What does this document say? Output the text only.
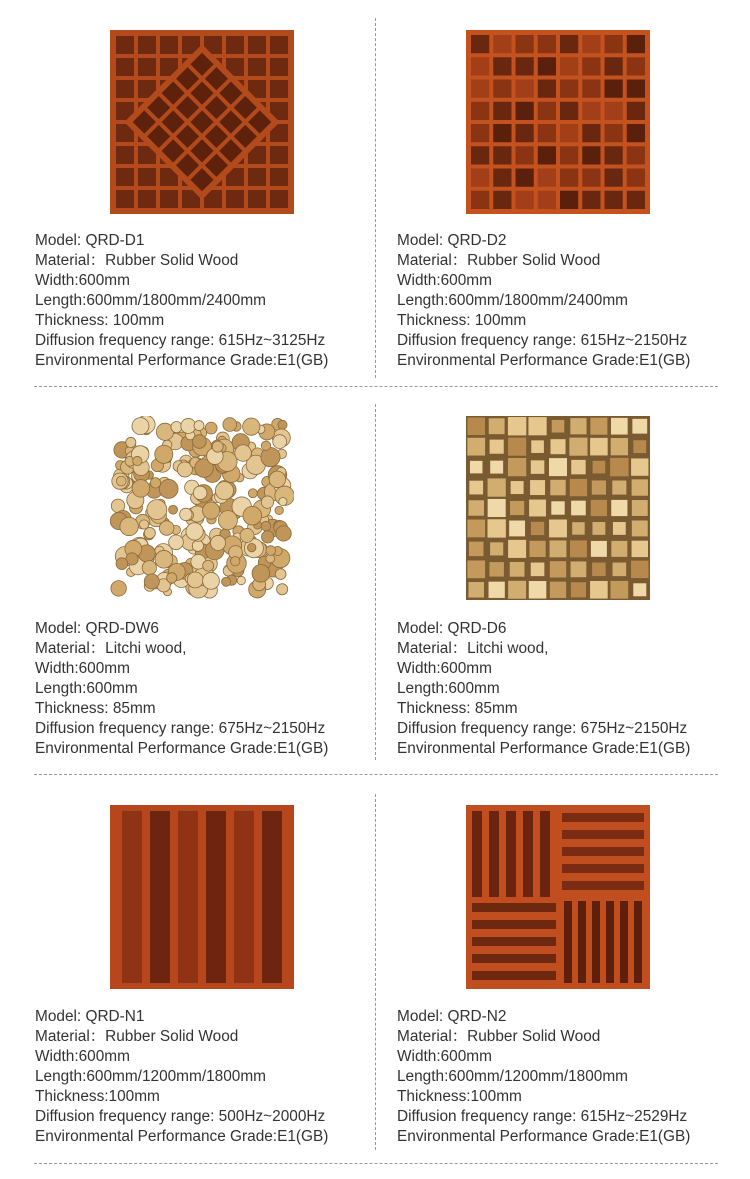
Model: QRD-D1
Material：Rubber Solid Wood
Width:600mm
Length:600mm/1800mm/2400mm
Thickness: 100mm
Diffusion frequency range: 615Hz~3125Hz
Environmental Performance Grade:E1(GB)
Model: QRD-D2
Material：Rubber Solid Wood
Width:600mm
Length:600mm/1800mm/2400mm
Thickness: 100mm
Diffusion frequency range: 615Hz~2150Hz
Environmental Performance Grade:E1(GB)
Model: QRD-DW6
Material：Litchi wood,
Width:600mm
Length:600mm
Thickness: 85mm
Diffusion frequency range: 675Hz~2150Hz
Environmental Performance Grade:E1(GB)
Model: QRD-D6
Material：Litchi wood,
Width:600mm
Length:600mm
Thickness: 85mm
Diffusion frequency range: 675Hz~2150Hz
Environmental Performance Grade:E1(GB)
Model: QRD-N1
Material：Rubber Solid Wood
Width:600mm
Length:600mm/1200mm/1800mm
Thickness:100mm
Diffusion frequency range: 500Hz~2000Hz
Environmental Performance Grade:E1(GB)
Model: QRD-N2
Material：Rubber Solid Wood
Width:600mm
Length:600mm/1200mm/1800mm
Thickness:100mm
Diffusion frequency range: 615Hz~2529Hz
Environmental Performance Grade:E1(GB)
